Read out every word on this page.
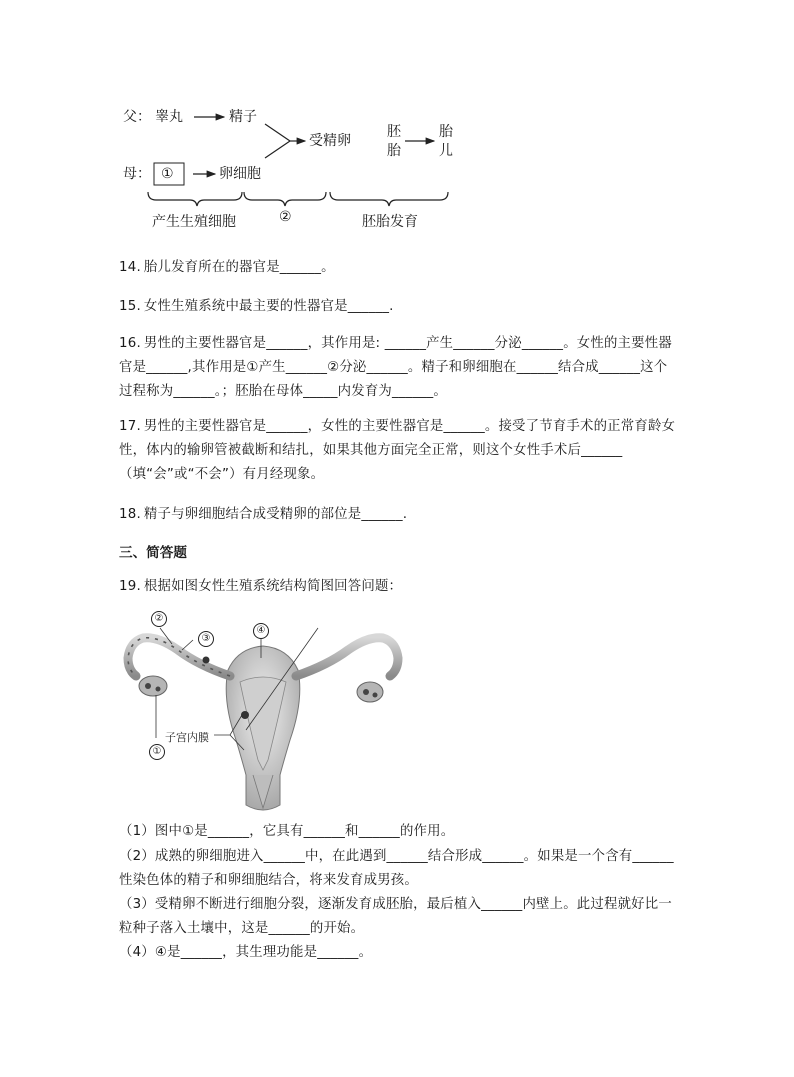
父： 睾丸	精子
受精卵
胚
胎
胎
儿
母： ①	卵细胞
产生生殖细胞	②	胚胎发育
14. 胎儿发育所在的器官是______。
15. 女性生殖系统中最主要的性器官是______.
16. 男性的主要性器官是______，其作用是: ______产生______分泌______。女性的主要性器官是______,其作用是①产生______②分泌______。精子和卵细胞在______结合成______这个过程称为______。；胚胎在母体_____内发育为______。
17. 男性的主要性器官是______，女性的主要性器官是______。接受了节育手术的正常育龄女性，体内的输卵管被截断和结扎，如果其他方面完全正常，则这个女性手术后______（填“会”或“不会”）有月经现象。
18. 精子与卵细胞结合成受精卵的部位是______.
三、简答题
19. 根据如图女性生殖系统结构简图回答问题：
②
③
④
①
子宫内膜
（1）图中①是______，它具有______和______的作用。
（2）成熟的卵细胞进入______中，在此遇到______结合形成______。如果是一个含有______性染色体的精子和卵细胞结合，将来发育成男孩。
（3）受精卵不断进行细胞分裂，逐渐发育成胚胎，最后植入______内壁上。此过程就好比一粒种子落入土壤中，这是______的开始。
（4）④是______，其生理功能是______。
